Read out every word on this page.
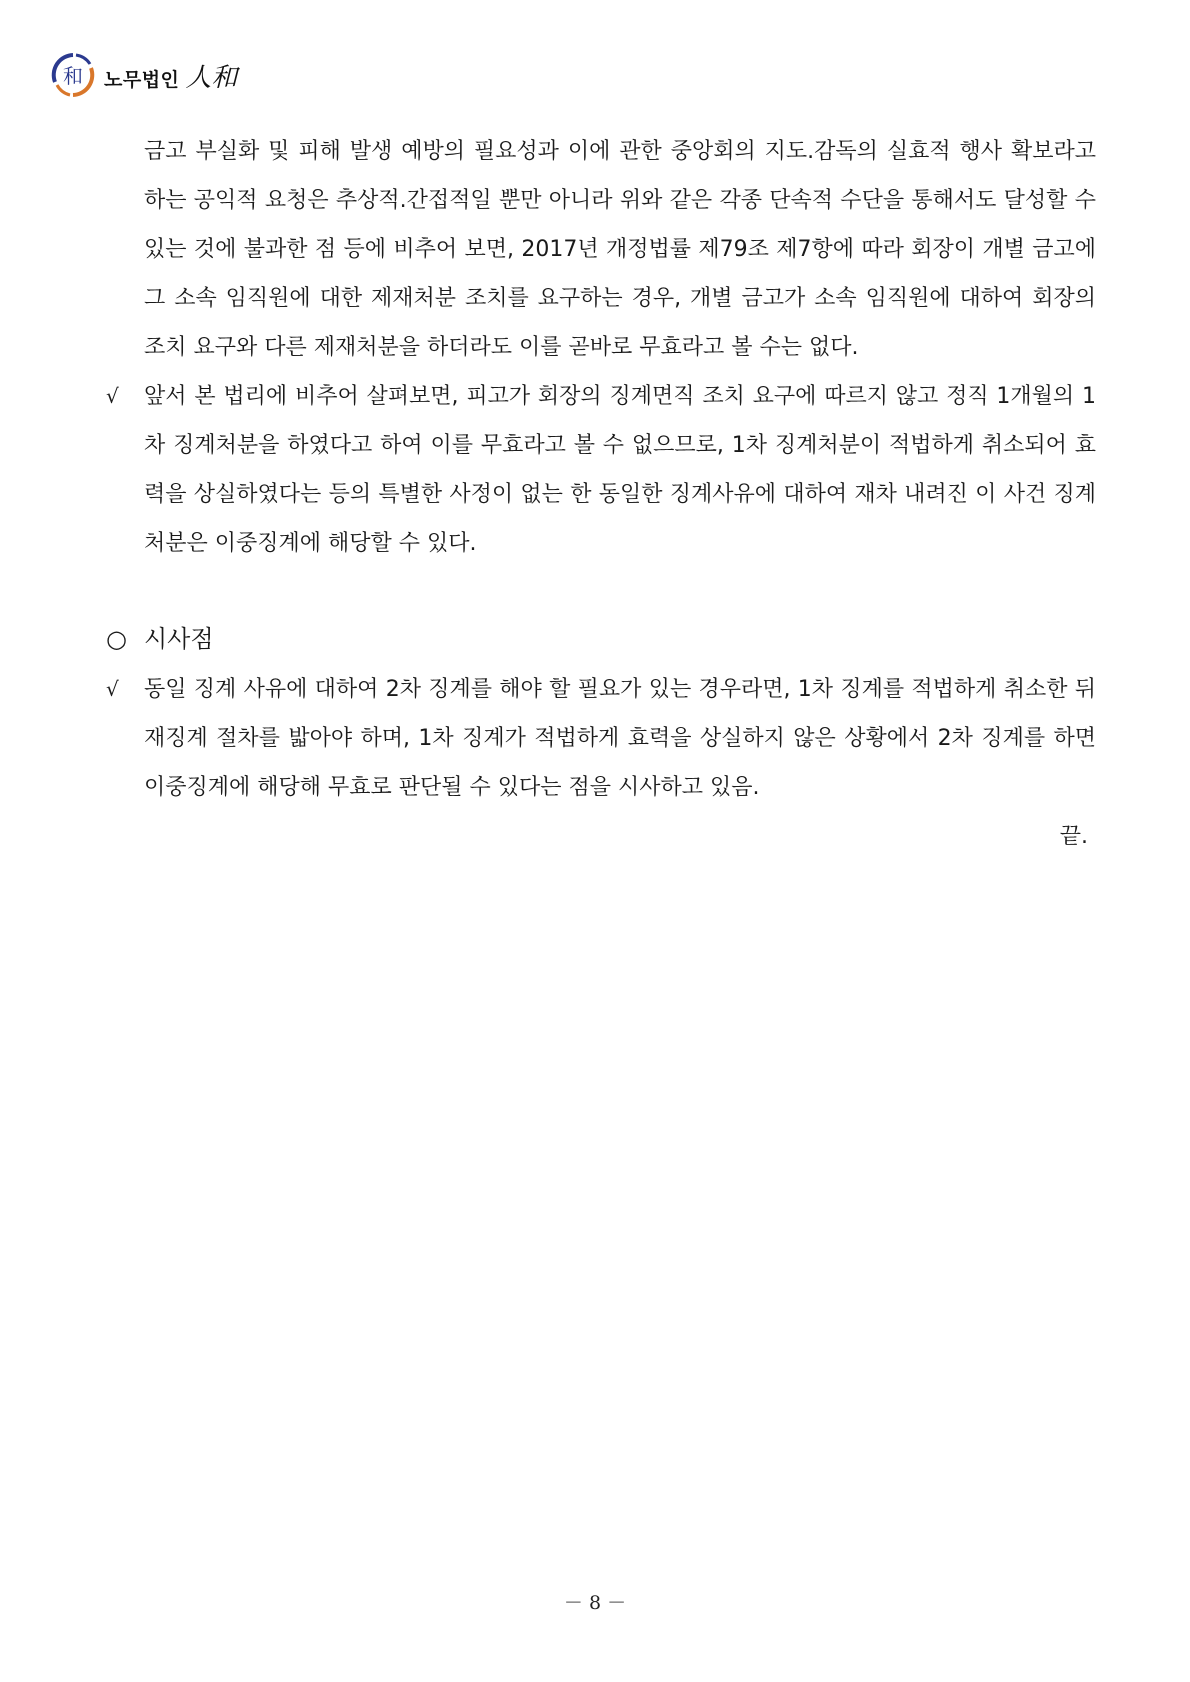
和 노무법인 人和
금고 부실화 및 피해 발생 예방의 필요성과 이에 관한 중앙회의 지도.감독의 실효적 행사 확보라고 하는 공익적 요청은 추상적.간접적일 뿐만 아니라 위와 같은 각종 단속적 수단을 통해서도 달성할 수 있는 것에 불과한 점 등에 비추어 보면, 2017년 개정법률 제79조 제7항에 따라 회장이 개별 금고에 그 소속 임직원에 대한 제재처분 조치를 요구하는 경우, 개별 금고가 소속 임직원에 대하여 회장의 조치 요구와 다른 제재처분을 하더라도 이를 곧바로 무효라고 볼 수는 없다.
√	앞서 본 법리에 비추어 살펴보면, 피고가 회장의 징계면직 조치 요구에 따르지 않고 정직 1개월의 1차 징계처분을 하였다고 하여 이를 무효라고 볼 수 없으므로, 1차 징계처분이 적법하게 취소되어 효력을 상실하였다는 등의 특별한 사정이 없는 한 동일한 징계사유에 대하여 재차 내려진 이 사건 징계처분은 이중징계에 해당할 수 있다.
○ 시사점
√	동일 징계 사유에 대하여 2차 징계를 해야 할 필요가 있는 경우라면, 1차 징계를 적법하게 취소한 뒤 재징계 절차를 밟아야 하며, 1차 징계가 적법하게 효력을 상실하지 않은 상황에서 2차 징계를 하면 이중징계에 해당해 무효로 판단될 수 있다는 점을 시사하고 있음.
끝.
－ 8 －
